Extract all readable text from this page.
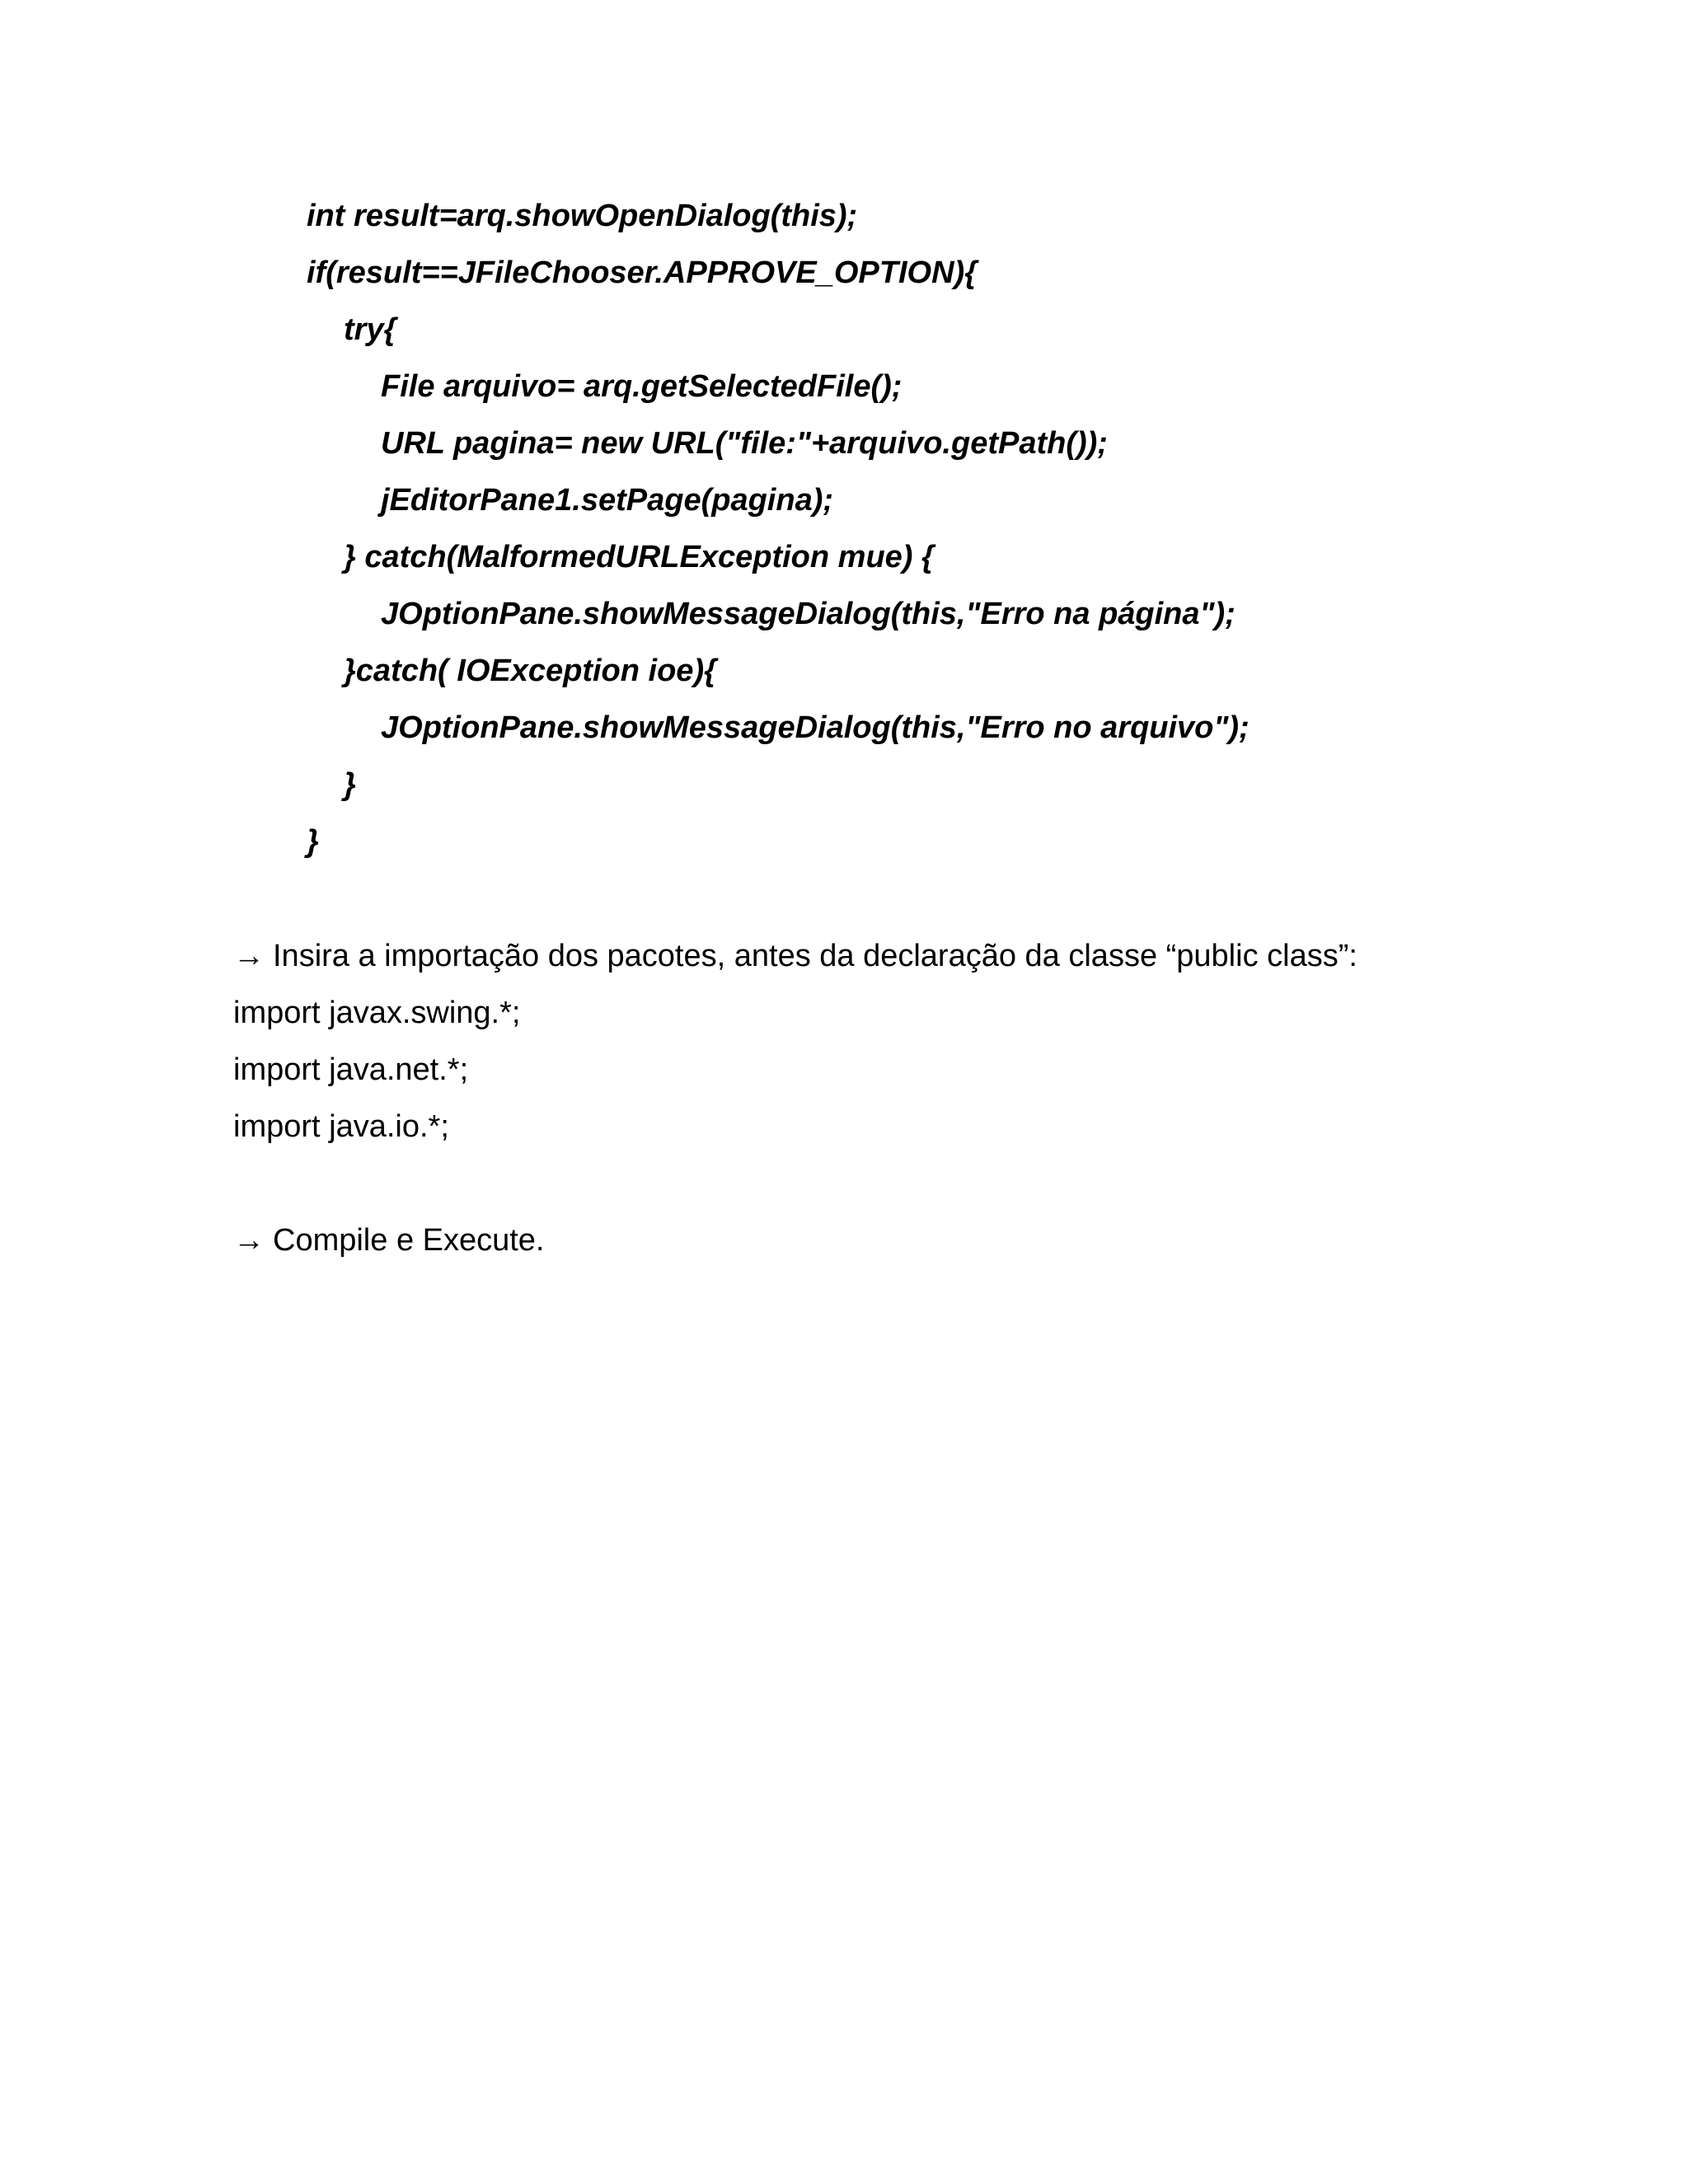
int result=arq.showOpenDialog(this);
if(result==JFileChooser.APPROVE_OPTION){
try{
File arquivo= arq.getSelectedFile();
URL pagina= new URL("file:"+arquivo.getPath());
jEditorPane1.setPage(pagina);
} catch(MalformedURLException mue) {
JOptionPane.showMessageDialog(this,"Erro na página");
}catch( IOException ioe){
JOptionPane.showMessageDialog(this,"Erro no arquivo");
}
}
→ Insira a importação dos pacotes, antes da declaração da classe “public class”:
import javax.swing.*;
import java.net.*;
import java.io.*;
→ Compile e Execute.
